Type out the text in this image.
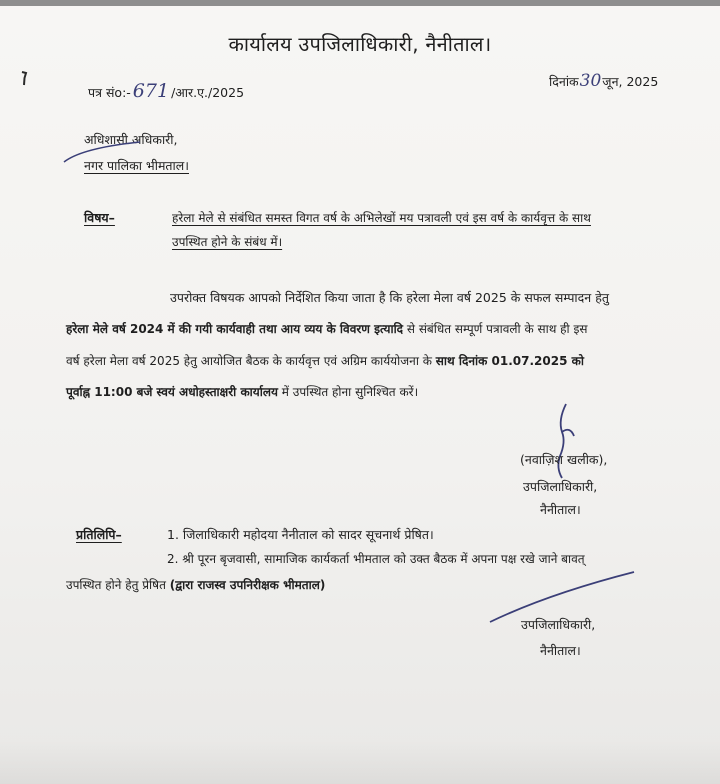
कार्यालय उपजिलाधिकारी, नैनीताल।
पत्र संo:- 671 /आर.ए./2025
दिनांक30जून, 2025
अधिशासी अधिकारी,
नगर पालिका भीमताल।
विषय–	हरेला मेले से संबंधित समस्त विगत वर्ष के अभिलेखों मय पत्रावली एवं इस वर्ष के कार्यवृत्त के साथ
उपस्थित होने के संबंध में।
उपरोक्त विषयक आपको निर्देशित किया जाता है कि हरेला मेला वर्ष 2025 के सफल सम्पादन हेतु
हरेला मेले वर्ष 2024 में की गयी कार्यवाही तथा आय व्यय के विवरण इत्यादि से संबंधित सम्पूर्ण पत्रावली के साथ ही इस
वर्ष हरेला मेला वर्ष 2025 हेतु आयोजित बैठक के कार्यवृत्त एवं अग्रिम कार्ययोजना के साथ दिनांक 01.07.2025 को
पूर्वाह्न 11:00 बजे स्वयं अधोहस्ताक्षरी कार्यालय में उपस्थित होना सुनिश्चित करें।
(नवाज़िश खलीक),
उपजिलाधिकारी,
नैनीताल।
प्रतिलिपि–	1. जिलाधिकारी महोदया नैनीताल को सादर सूचनार्थ प्रेषित।
2. श्री पूरन बृजवासी, सामाजिक कार्यकर्ता भीमताल को उक्त बैठक में अपना पक्ष रखे जाने बावत्
उपस्थित होने हेतु प्रेषित (द्वारा राजस्व उपनिरीक्षक भीमताल)
उपजिलाधिकारी,
नैनीताल।
